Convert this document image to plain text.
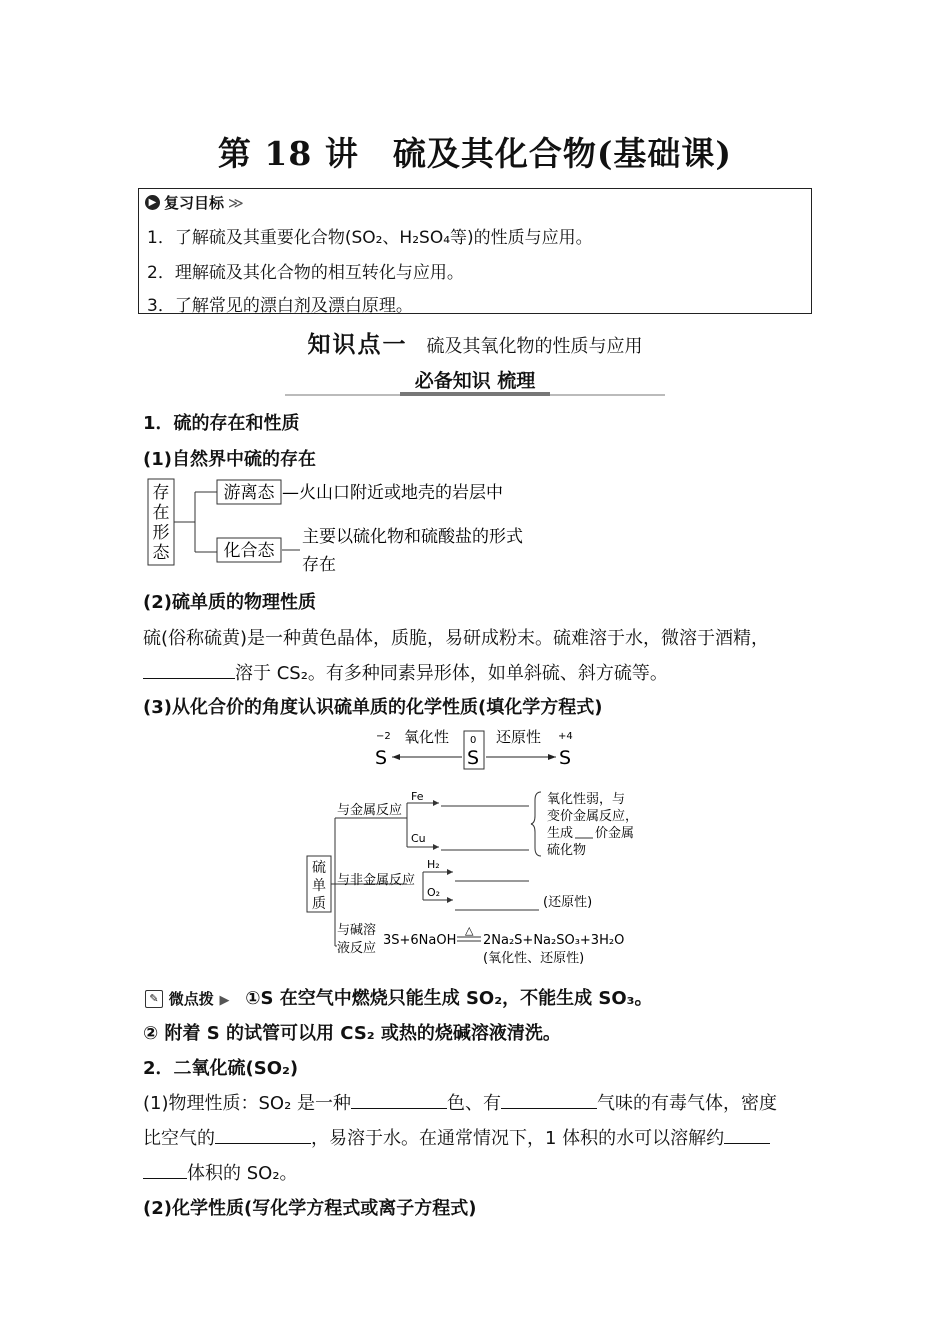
第 18 讲　硫及其化合物(基础课)
▶ 复习目标 ≫
1．了解硫及其重要化合物(SO₂、H₂SO₄等)的性质与应用。
2．理解硫及其化合物的相互转化与应用。
3．了解常见的漂白剂及漂白原理。
知识点一 硫及其氧化物的性质与应用
必备知识 梳理
1．硫的存在和性质
(1)自然界中硫的存在
存
在
形
态
游离态 —火山口附近或地壳的岩层中
化合态
主要以硫化物和硫酸盐的形式
存在
(2)硫单质的物理性质
硫(俗称硫黄)是一种黄色晶体，质脆，易研成粉末。硫难溶于水，微溶于酒精，
溶于 CS₂。有多种同素异形体，如单斜硫、斜方硫等。
(3)从化合价的角度认识硫单质的化学性质(填化学方程式)
−2
S
氧化性 0
S
还原性 +4
S
硫
单
质
与金属反应
Fe
Cu
氧化性弱，与
变价金属反应，
生成 价金属
硫化物
与非金属反应
H₂
O₂
(还原性)
与碱溶
液反应
3S+6NaOH
△
2Na₂S+Na₂SO₃+3H₂O
(氧化性、还原性)
✎ 微点拨 ▶ ①S 在空气中燃烧只能生成 SO₂，不能生成 SO₃。
② 附着 S 的试管可以用 CS₂ 或热的烧碱溶液清洗。
2．二氧化硫(SO₂)
(1)物理性质：SO₂ 是一种	色、有	气味的有毒气体，密度
比空气的	，易溶于水。在通常情况下，1 体积的水可以溶解约
体积的 SO₂。
(2)化学性质(写化学方程式或离子方程式)
